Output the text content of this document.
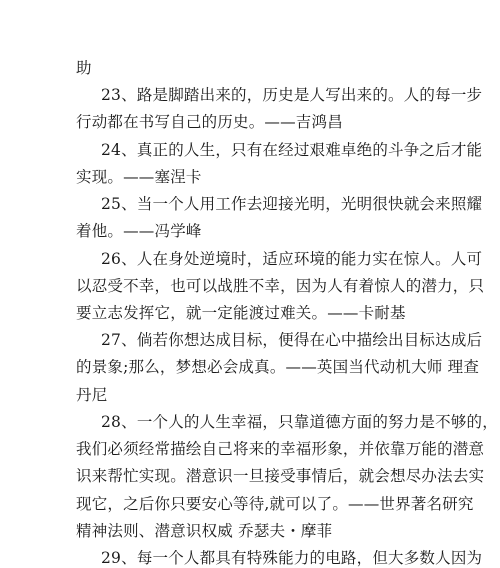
助
23、路是脚踏出来的，历史是人写出来的。人的每一步
行动都在书写自己的历史。——吉鸿昌
24、真正的人生，只有在经过艰难卓绝的斗争之后才能
实现。——塞涅卡
25、当一个人用工作去迎接光明，光明很快就会来照耀
着他。——冯学峰
26、人在身处逆境时，适应环境的能力实在惊人。人可
以忍受不幸，也可以战胜不幸，因为人有着惊人的潜力，只
要立志发挥它，就一定能渡过难关。——卡耐基
27、倘若你想达成目标，便得在心中描绘出目标达成后
的景象;那么，梦想必会成真。——英国当代动机大师 理查
丹尼
28、一个人的人生幸福，只靠道德方面的努力是不够的，
我们必须经常描绘自己将来的幸福形象，并依靠万能的潜意
识来帮忙实现。潜意识一旦接受事情后，就会想尽办法去实
现它，之后你只要安心等待,就可以了。——世界著名研究
精神法则、潜意识权威 乔瑟夫・摩菲
29、每一个人都具有特殊能力的电路，但大多数人因为
